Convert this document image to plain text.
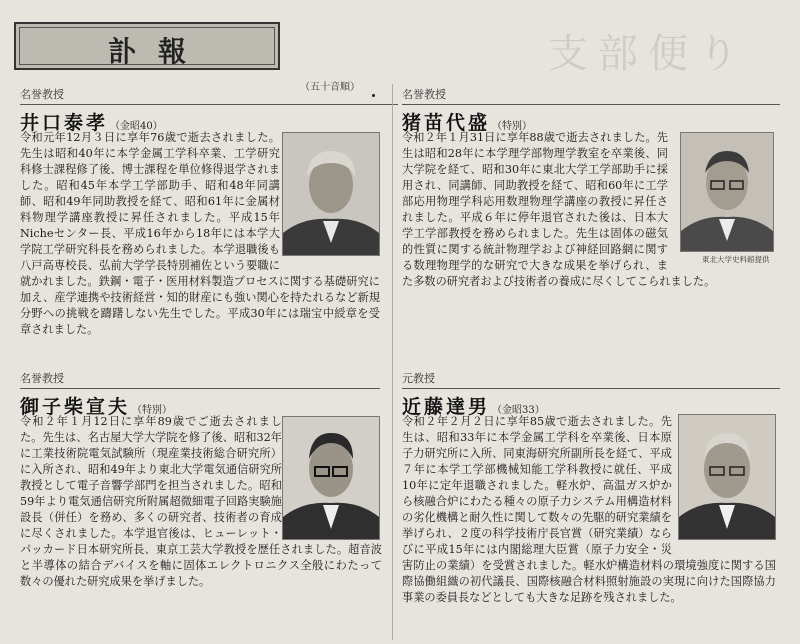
支部便り
訃報
（五十音順）
名誉教授
井口泰孝 （金昭40）
令和元年12月３日に享年76歳で逝去されました。先生は昭和40年に本学金属工学科卒業、工学研究科修士課程修了後、博士課程を単位修得退学されました。昭和45年本学工学部助手、昭和48年同講師、昭和49年同助教授を経て、昭和61年に金属材料物理学講座教授に昇任されました。平成15年Nicheセンター長、平成16年から18年には本学大学院工学研究科長を務められました。本学退職後も八戸高専校長、弘前大学学長特別補佐という要職に就かれました。鉄鋼・電子・医用材料製造プロセスに関する基礎研究に加え、産学連携や技術経営・知的財産にも強い関心を持たれるなど新規分野への挑戦を躊躇しない先生でした。平成30年には瑞宝中綬章を受章されました。
名誉教授
猪苗代盛 （特別）
令和２年１月31日に享年88歳で逝去されました。先生は昭和28年に本学理学部物理学教室を卒業後、同大学院を経て、昭和30年に東北大学工学部助手に採用され、同講師、同助教授を経て、昭和60年に工学部応用物理学科応用数理物理学講座の教授に昇任されました。平成６年に停年退官された後は、日本大学工学部教授を務められました。先生は固体の磁気的性質に関する統計物理学および神経回路網に関する数理物理学的な研究で大きな成果を挙げられ、また多数の研究者および技術者の養成に尽くしてこられました。
東北大学史料館提供
名誉教授
御子柴宣夫 （特別）
令和２年１月12日に享年89歳でご逝去されました。先生は、名古屋大学大学院を修了後、昭和32年に工業技術院電気試験所（現産業技術総合研究所）に入所され、昭和49年より東北大学電気通信研究所教授として電子音響学部門を担当されました。昭和59年より電気通信研究所附属超微細電子回路実験施設長（併任）を務め、多くの研究者、技術者の育成に尽くされました。本学退官後は、ヒューレット・パッカード日本研究所長、東京工芸大学教授を歴任されました。超音波と半導体の結合デバイスを軸に固体エレクトロニクス全般にわたって数々の優れた研究成果を挙げました。
元教授
近藤達男 （金昭33）
令和２年２月２日に享年85歳で逝去されました。先生は、昭和33年に本学金属工学科を卒業後、日本原子力研究所に入所、同東海研究所副所長を経て、平成７年に本学工学部機械知能工学科教授に就任、平成10年に定年退職されました。軽水炉、高温ガス炉から核融合炉にわたる種々の原子力システム用構造材料の劣化機構と耐久性に関して数々の先駆的研究業績を挙げられ、２度の科学技術庁長官賞（研究業績）ならびに平成15年には内閣総理大臣賞（原子力安全・災害防止の業績）を受賞されました。軽水炉構造材料の環境強度に関する国際協働組織の初代議長、国際核融合材料照射施設の実現に向けた国際協力事業の委員長などとしても大きな足跡を残されました。
